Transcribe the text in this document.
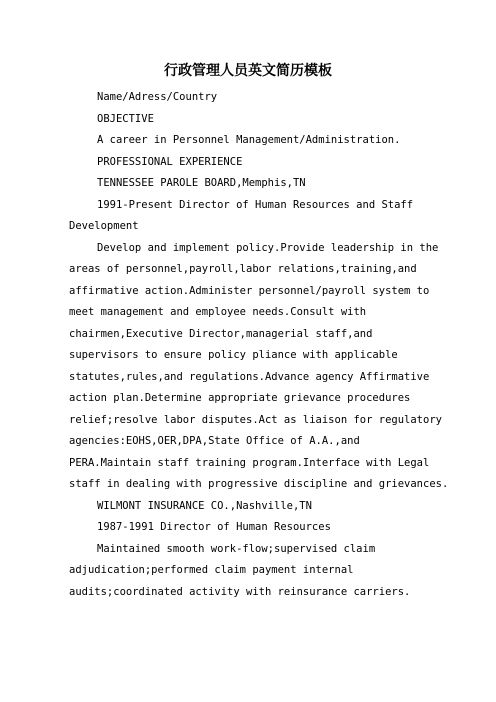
行政管理人员英文简历模板
Name/Adress/Country
OBJECTIVE
A career in Personnel Management/Administration.
PROFESSIONAL EXPERIENCE
TENNESSEE PAROLE BOARD,Memphis,TN
1991-Present Director of Human Resources and Staff
Development
Develop and implement policy.Provide leadership in the
areas of personnel,payroll,labor relations,training,and
affirmative action.Administer personnel/payroll system to
meet management and employee needs.Consult with
chairmen,Executive Director,managerial staff,and
supervisors to ensure policy pliance with applicable
statutes,rules,and regulations.Advance agency Affirmative
action plan.Determine appropriate grievance procedures
relief;resolve labor disputes.Act as liaison for regulatory
agencies:EOHS,OER,DPA,State Office of A.A.,and
PERA.Maintain staff training program.Interface with Legal
staff in dealing with progressive discipline and grievances.
WILMONT INSURANCE CO.,Nashville,TN
1987-1991 Director of Human Resources
Maintained smooth work-flow;supervised claim
adjudication;performed claim payment internal
audits;coordinated activity with reinsurance carriers.
